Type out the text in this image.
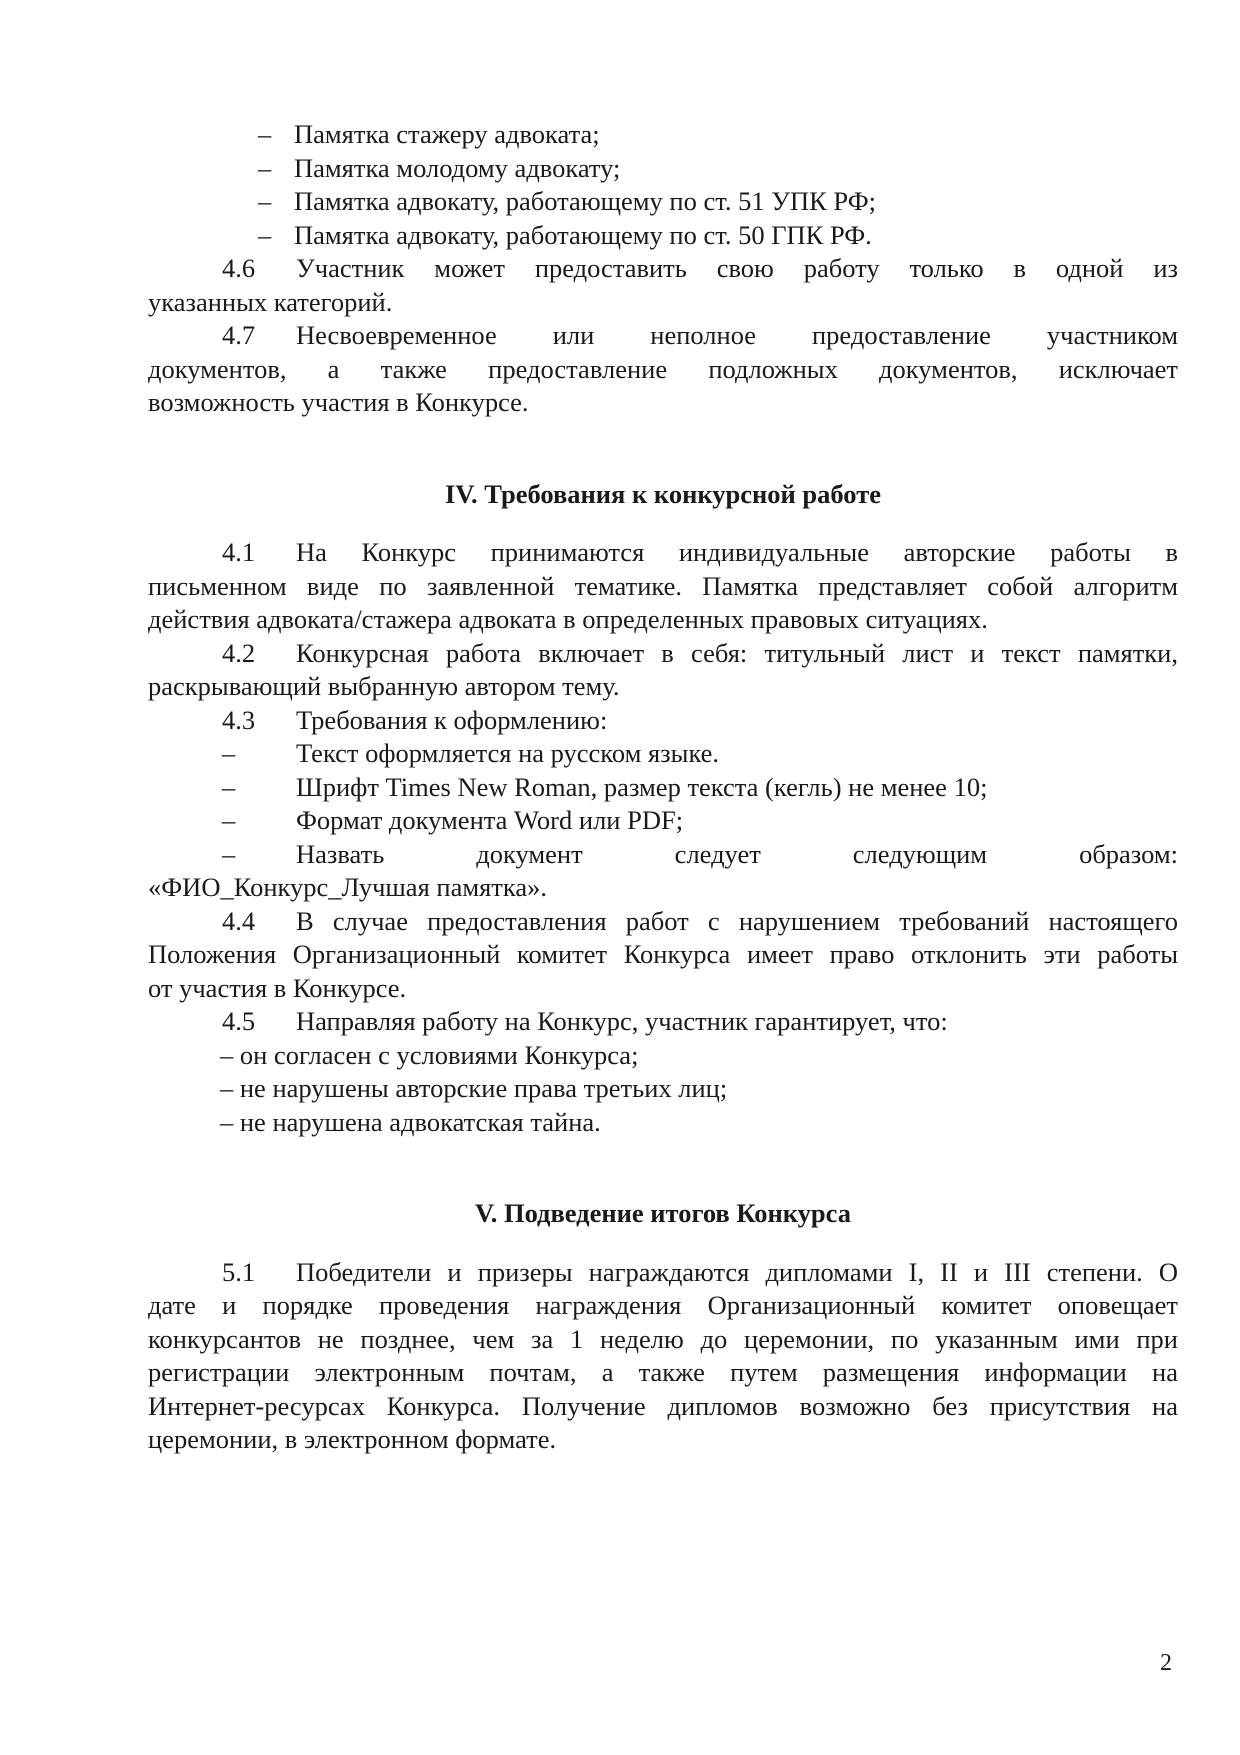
– Памятка стажеру адвоката;
– Памятка молодому адвокату;
– Памятка адвокату, работающему по ст. 51 УПК РФ;
– Памятка адвокату, работающему по ст. 50 ГПК РФ.
4.6 Участник может предоставить свою работу только в одной из
указанных категорий.
4.7 Несвоевременное или неполное предоставление участником
документов, а также предоставление подложных документов, исключает
возможность участия в Конкурсе.
IV. Требования к конкурсной работе
4.1 На Конкурс принимаются индивидуальные авторские работы в
письменном виде по заявленной тематике. Памятка представляет собой алгоритм
действия адвоката/стажера адвоката в определенных правовых ситуациях.
4.2 Конкурсная работа включает в себя: титульный лист и текст памятки,
раскрывающий выбранную автором тему.
4.3 Требования к оформлению:
– Текст оформляется на русском языке.
– Шрифт Times New Roman, размер текста (кегль) не менее 10;
– Формат документа Word или PDF;
– Назвать документ следует следующим образом:
«ФИО_Конкурс_Лучшая памятка».
4.4 В случае предоставления работ с нарушением требований настоящего
Положения Организационный комитет Конкурса имеет право отклонить эти работы
от участия в Конкурсе.
4.5 Направляя работу на Конкурс, участник гарантирует, что:
– он согласен с условиями Конкурса;
– не нарушены авторские права третьих лиц;
– не нарушена адвокатская тайна.
V. Подведение итогов Конкурса
5.1 Победители и призеры награждаются дипломами I, II и III степени. О
дате и порядке проведения награждения Организационный комитет оповещает
конкурсантов не позднее, чем за 1 неделю до церемонии, по указанным ими при
регистрации электронным почтам, а также путем размещения информации на
Интернет-ресурсах Конкурса. Получение дипломов возможно без присутствия на
церемонии, в электронном формате.
2
